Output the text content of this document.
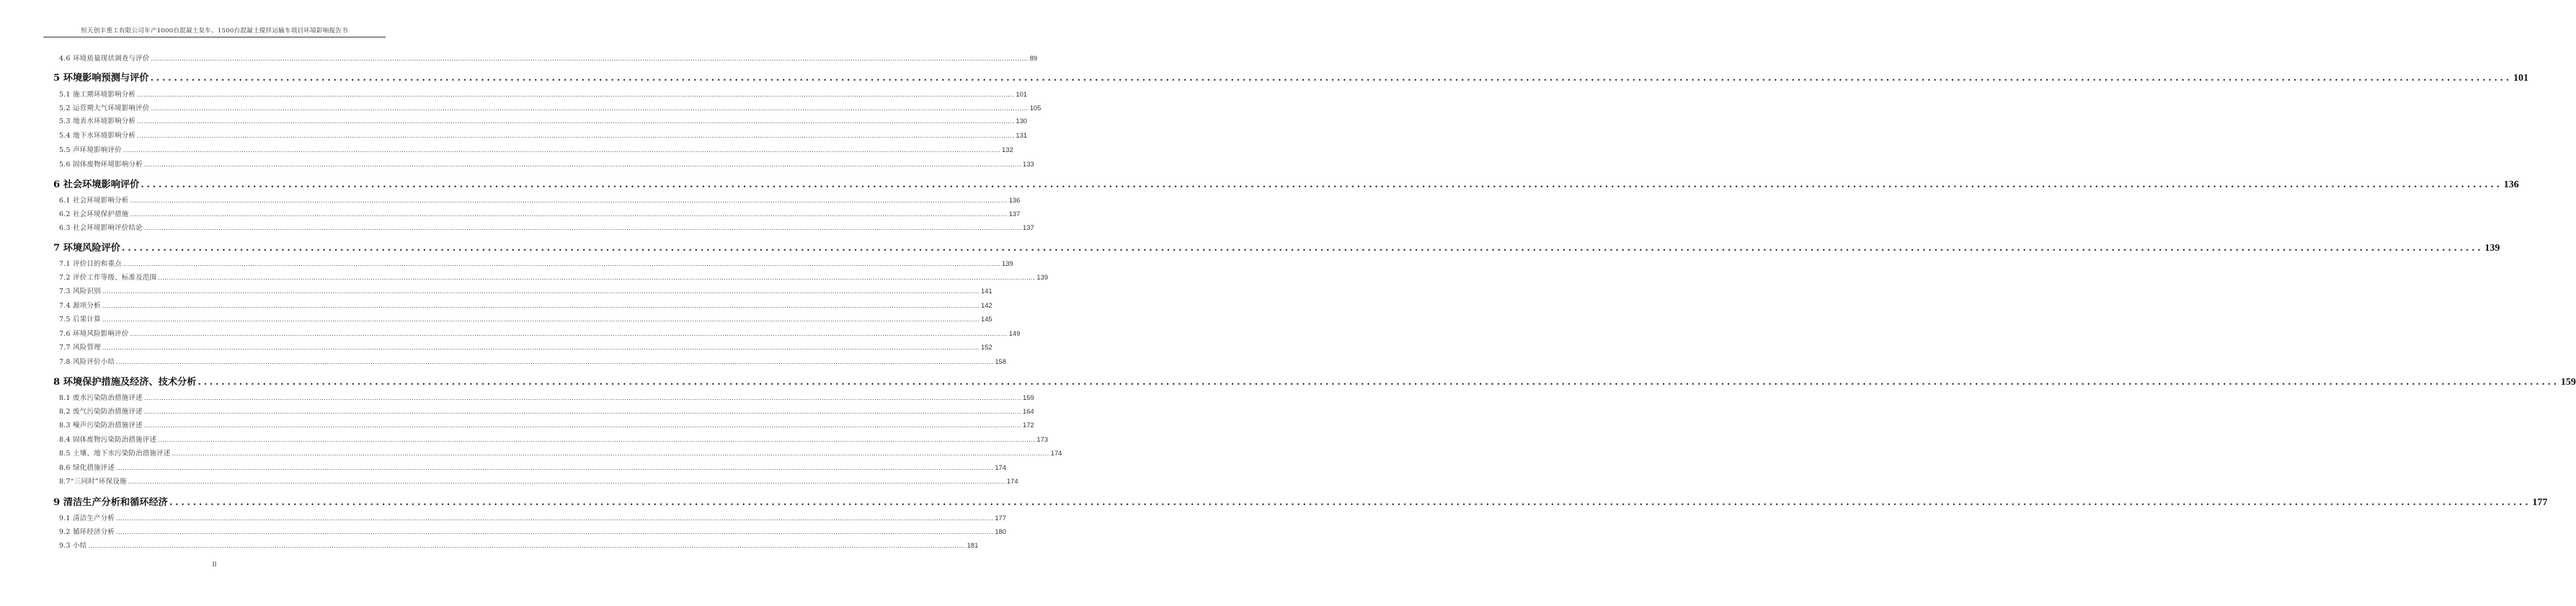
恒天创丰重工有限公司年产1000台混凝土泵车、1500台混凝土搅拌运输车项目环境影响报告书
4.6 环境质量现状调查与评价 ................................................................................................................................................................................................................................................................................................................................................................................................................ 89
5 环境影响预测与评价 ................................................................................................................................................................................................................................................................................................................................................................................................................ 101
5.1 施工期环境影响分析 ................................................................................................................................................................................................................................................................................................................................................................................................................ 101
5.2 运营期大气环境影响评价 ................................................................................................................................................................................................................................................................................................................................................................................................................ 105
5.3 地表水环境影响分析 ................................................................................................................................................................................................................................................................................................................................................................................................................ 130
5.4 地下水环境影响分析 ................................................................................................................................................................................................................................................................................................................................................................................................................ 131
5.5 声环境影响评价 ................................................................................................................................................................................................................................................................................................................................................................................................................ 132
5.6 固体废物环境影响分析 ................................................................................................................................................................................................................................................................................................................................................................................................................ 133
6 社会环境影响评价 ................................................................................................................................................................................................................................................................................................................................................................................................................ 136
6.1 社会环境影响分析 ................................................................................................................................................................................................................................................................................................................................................................................................................ 136
6.2 社会环境保护措施 ................................................................................................................................................................................................................................................................................................................................................................................................................ 137
6.3 社会环境影响评价结论 ................................................................................................................................................................................................................................................................................................................................................................................................................ 137
7 环境风险评价 ................................................................................................................................................................................................................................................................................................................................................................................................................ 139
7.1 评价目的和重点 ................................................................................................................................................................................................................................................................................................................................................................................................................ 139
7.2 评价工作等级、标准及范围 ................................................................................................................................................................................................................................................................................................................................................................................................................ 139
7.3 风险识别 ................................................................................................................................................................................................................................................................................................................................................................................................................ 141
7.4 源项分析 ................................................................................................................................................................................................................................................................................................................................................................................................................ 142
7.5 后果计算 ................................................................................................................................................................................................................................................................................................................................................................................................................ 145
7.6 环境风险影响评价 ................................................................................................................................................................................................................................................................................................................................................................................................................ 149
7.7 风险管理 ................................................................................................................................................................................................................................................................................................................................................................................................................ 152
7.8 风险评价小结 ................................................................................................................................................................................................................................................................................................................................................................................................................ 158
8 环境保护措施及经济、技术分析 ................................................................................................................................................................................................................................................................................................................................................................................................................ 159
8.1 废水污染防治措施评述 ................................................................................................................................................................................................................................................................................................................................................................................................................ 159
8.2 废气污染防治措施评述 ................................................................................................................................................................................................................................................................................................................................................................................................................ 164
8.3 噪声污染防治措施评述 ................................................................................................................................................................................................................................................................................................................................................................................................................ 172
8.4 固体废物污染防治措施评述 ................................................................................................................................................................................................................................................................................................................................................................................................................ 173
8.5 土壤、地下水污染防治措施评述 ................................................................................................................................................................................................................................................................................................................................................................................................................ 174
8.6 绿化措施评述 ................................................................................................................................................................................................................................................................................................................................................................................................................ 174
8.7“三同时”环保设施 ................................................................................................................................................................................................................................................................................................................................................................................................................ 174
9 清洁生产分析和循环经济 ................................................................................................................................................................................................................................................................................................................................................................................................................ 177
9.1 清洁生产分析 ................................................................................................................................................................................................................................................................................................................................................................................................................ 177
9.2 循环经济分析 ................................................................................................................................................................................................................................................................................................................................................................................................................ 180
9.3 小结 ................................................................................................................................................................................................................................................................................................................................................................................................................ 181
II
